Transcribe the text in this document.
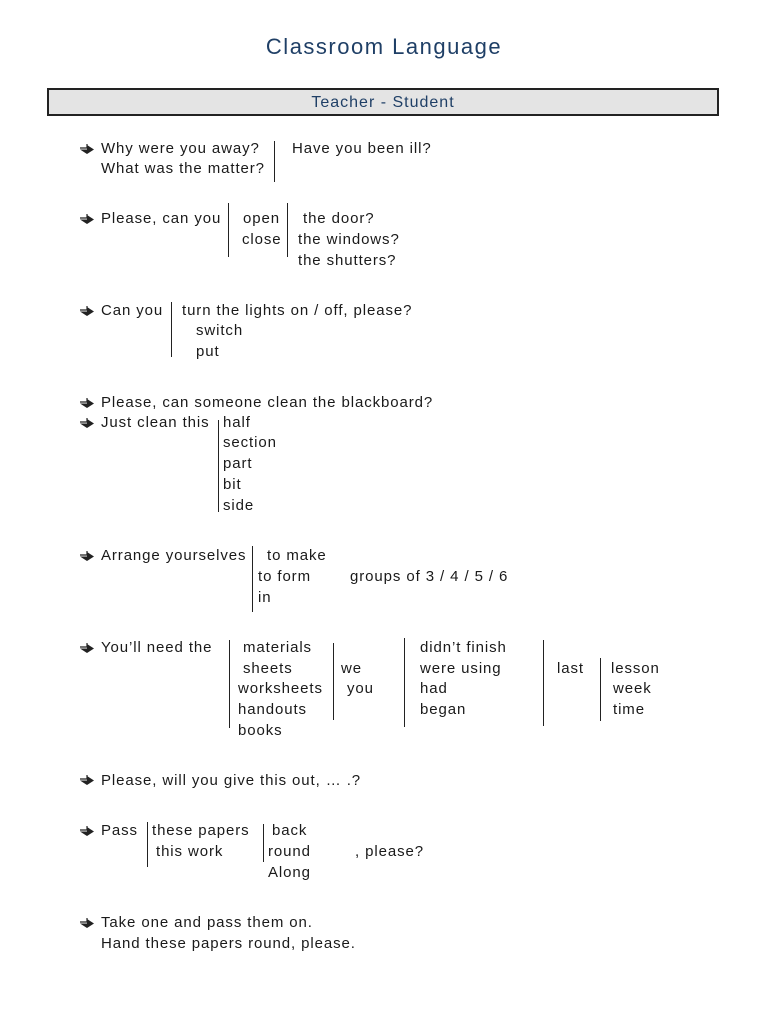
Classroom Language
Teacher - Student
Why were you away? Have you been ill?
What was the matter?
Please, can you open the door?
close the windows?
the shutters?
Can you turn the lights on / off, please?
switch
put
Please, can someone clean the blackboard?
Just clean this half
section
part
bit
side
Arrange yourselves to make
to form	groups of 3 / 4 / 5 / 6
in
You’ll need the materials
sheets
worksheets
handouts
books
we
you
didn’t finish
were using
had
began
last lesson
week
time
Please, will you give this out, … .?
Pass these papers
this work
back
round	, please?
Along
Take one and pass them on.
Hand these papers round, please.
